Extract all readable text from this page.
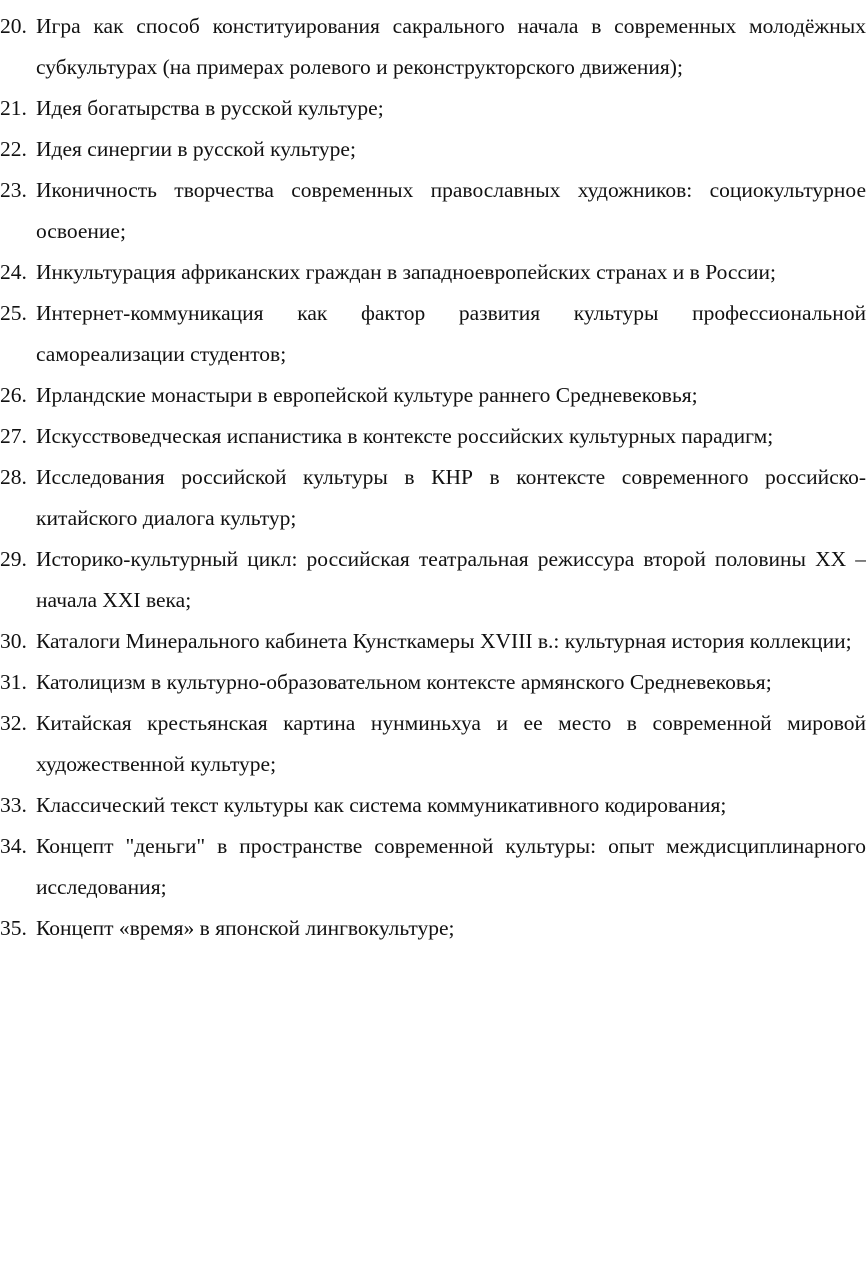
20. Игра как способ конституирования сакрального начала в современных молодёжных субкультурах (на примерах ролевого и реконструкторского движения);
21. Идея богатырства в русской культуре;
22. Идея синергии в русской культуре;
23. Иконичность творчества современных православных художников: социокультурное освоение;
24. Инкультурация африканских граждан в западноевропейских странах и в России;
25. Интернет-коммуникация как фактор развития культуры профессиональной самореализации студентов;
26. Ирландские монастыри в европейской культуре раннего Средневековья;
27. Искусствоведческая испанистика в контексте российских культурных парадигм;
28. Исследования российской культуры в КНР в контексте современного российско-китайского диалога культур;
29. Историко-культурный цикл: российская театральная режиссура второй половины XX – начала XXI века;
30. Каталоги Минерального кабинета Кунсткамеры XVIII в.: культурная история коллекции;
31. Католицизм в культурно-образовательном контексте армянского Средневековья;
32. Китайская крестьянская картина нунминьхуа и ее место в современной мировой художественной культуре;
33. Классический текст культуры как система коммуникативного кодирования;
34. Концепт "деньги" в пространстве современной культуры: опыт междисциплинарного исследования;
35. Концепт «время» в японской лингвокультуре;
